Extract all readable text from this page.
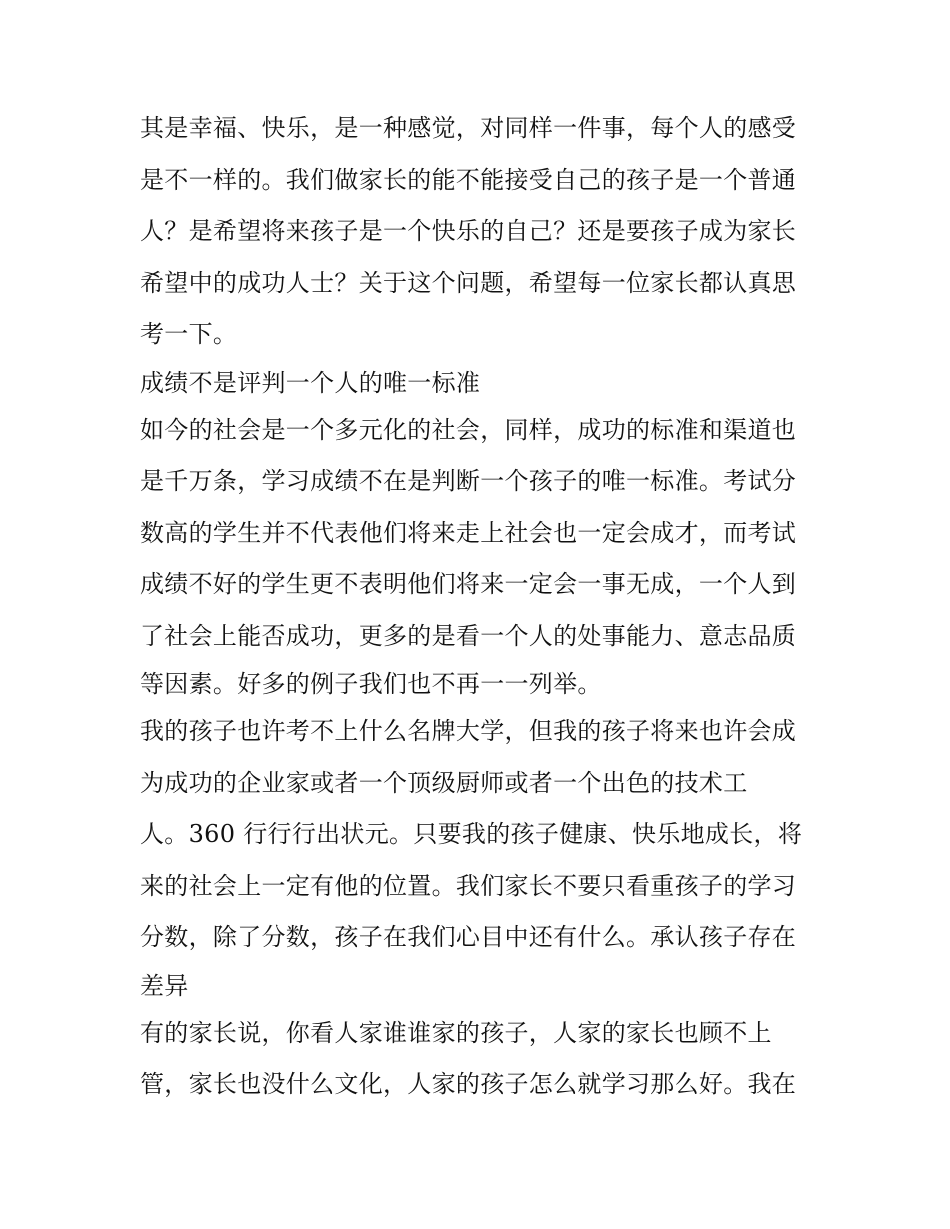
其是幸福、快乐，是一种感觉，对同样一件事，每个人的感受
是不一样的。我们做家长的能不能接受自己的孩子是一个普通
人？是希望将来孩子是一个快乐的自己？还是要孩子成为家长
希望中的成功人士？关于这个问题，希望每一位家长都认真思
考一下。
成绩不是评判一个人的唯一标准
如今的社会是一个多元化的社会，同样，成功的标准和渠道也
是千万条，学习成绩不在是判断一个孩子的唯一标准。考试分
数高的学生并不代表他们将来走上社会也一定会成才，而考试
成绩不好的学生更不表明他们将来一定会一事无成，一个人到
了社会上能否成功，更多的是看一个人的处事能力、意志品质
等因素。好多的例子我们也不再一一列举。
我的孩子也许考不上什么名牌大学，但我的孩子将来也许会成
为成功的企业家或者一个顶级厨师或者一个出色的技术工
人。360 行行行出状元。只要我的孩子健康、快乐地成长，将
来的社会上一定有他的位置。我们家长不要只看重孩子的学习
分数，除了分数，孩子在我们心目中还有什么。承认孩子存在
差异
有的家长说，你看人家谁谁家的孩子，人家的家长也顾不上
管，家长也没什么文化，人家的孩子怎么就学习那么好。我在
